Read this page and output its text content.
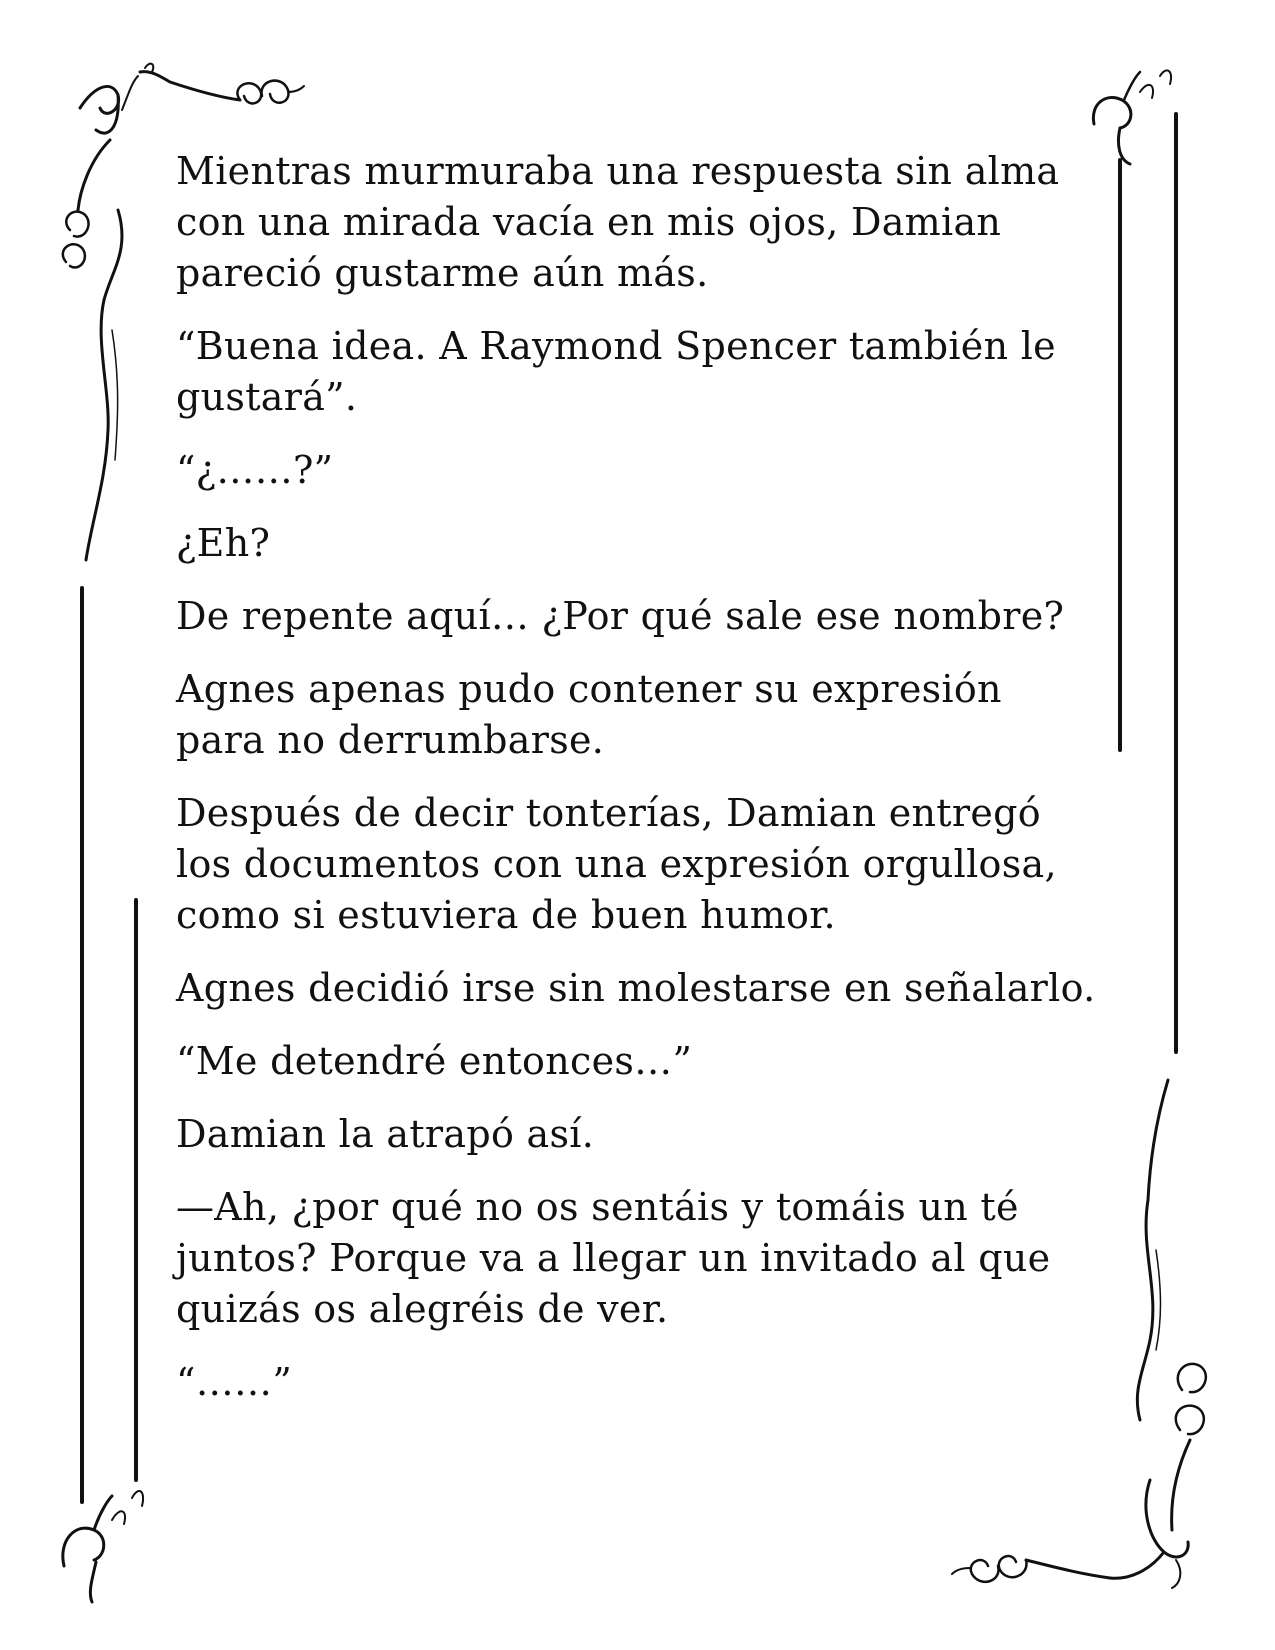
Mientras murmuraba una respuesta sin alma con una mirada vacía en mis ojos, Damian pareció gustarme aún más.

“Buena idea. A Raymond Spencer también le gustará”.

“¿……?”

¿Eh?

De repente aquí… ¿Por qué sale ese nombre?

Agnes apenas pudo contener su expresión para no derrumbarse.

Después de decir tonterías, Damian entregó los documentos con una expresión orgullosa, como si estuviera de buen humor.

Agnes decidió irse sin molestarse en señalarlo.

“Me detendré entonces…”

Damian la atrapó así.

—Ah, ¿por qué no os sentáis y tomáis un té juntos? Porque va a llegar un invitado al que quizás os alegréis de ver.

“……”
